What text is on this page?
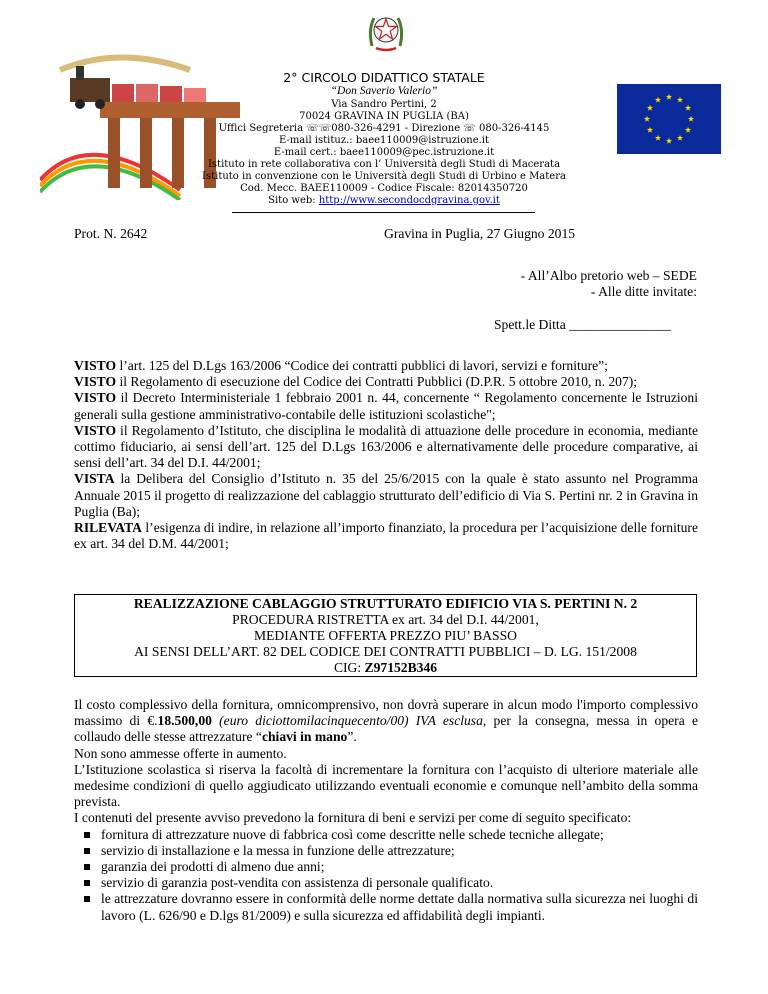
2° CIRCOLO DIDATTICO STATALE
“Don Saverio Valerio”
Via Sandro Pertini, 2
70024 GRAVINA IN PUGLIA (BA)
Uffici Segreteria ☏☏080-326-4291 - Direzione ☏ 080-326-4145
E-mail istituz.: baee110009@istruzione.it
E-mail cert.: baee110009@pec.istruzione.it
Istituto in rete collaborativa con l’ Università degli Studi di Macerata
Istituto in convenzione con le Università degli Studi di Urbino e Matera
Cod. Mecc. BAEE110009 - Codice Fiscale: 82014350720
Sito web: http://www.secondocdgravina.gov.it
Prot. N. 2642	Gravina in Puglia, 27 Giugno 2015
- All’Albo pretorio web – SEDE
- Alle ditte invitate:
Spett.le Ditta _______________

VISTO l’art. 125 del D.Lgs 163/2006 “Codice dei contratti pubblici di lavori, servizi e forniture”;

VISTO il Regolamento di esecuzione del Codice dei Contratti Pubblici (D.P.R. 5 ottobre 2010, n. 207);

VISTO il Decreto Interministeriale 1 febbraio 2001 n. 44, concernente “ Regolamento concernente le Istruzioni generali sulla gestione amministrativo-contabile delle istituzioni scolastiche";

VISTO il Regolamento d’Istituto, che disciplina le modalità di attuazione delle procedure in economia, mediante cottimo fiduciario, ai sensi dell’art. 125 del D.Lgs 163/2006 e alternativamente delle procedure comparative, ai sensi dell’art. 34 del D.I. 44/2001;

VISTA la Delibera del Consiglio d’Istituto n. 35 del 25/6/2015 con la quale è stato assunto nel Programma Annuale 2015 il progetto di realizzazione del cablaggio strutturato dell’edificio di Via S. Pertini nr. 2 in Gravina in Puglia (Ba);

RILEVATA l’esigenza di indire, in relazione all’importo finanziato, la procedura per l’acquisizione delle forniture ex art. 34 del D.M. 44/2001;

REALIZZAZIONE CABLAGGIO STRUTTURATO EDIFICIO VIA S. PERTINI N. 2
PROCEDURA RISTRETTA ex art. 34 del D.I. 44/2001,
MEDIANTE OFFERTA PREZZO PIU’ BASSO
AI SENSI DELL’ART. 82 DEL CODICE DEI CONTRATTI PUBBLICI – D. LG. 151/2008
CIG: Z97152B346

Il costo complessivo della fornitura, omnicomprensivo, non dovrà superare in alcun modo l'importo complessivo massimo di €.18.500,00 (euro diciottomilacinquecento/00) IVA esclusa, per la consegna, messa in opera e collaudo delle stesse attrezzature “chiavi in mano”.

Non sono ammesse offerte in aumento.

L’Istituzione scolastica si riserva la facoltà di incrementare la fornitura con l’acquisto di ulteriore materiale alle medesime condizioni di quello aggiudicato utilizzando eventuali economie e comunque nell’ambito della somma prevista.

I contenuti del presente avviso prevedono la fornitura di beni e servizi per come di seguito specificato:

fornitura di attrezzature nuove di fabbrica così come descritte nelle schede tecniche allegate;
servizio di installazione e la messa in funzione delle attrezzature;
garanzia dei prodotti di almeno due anni;
servizio di garanzia post-vendita con assistenza di personale qualificato.
le attrezzature dovranno essere in conformità delle norme dettate dalla normativa sulla sicurezza nei luoghi di lavoro (L. 626/90 e D.lgs 81/2009) e sulla sicurezza ed affidabilità degli impianti.
